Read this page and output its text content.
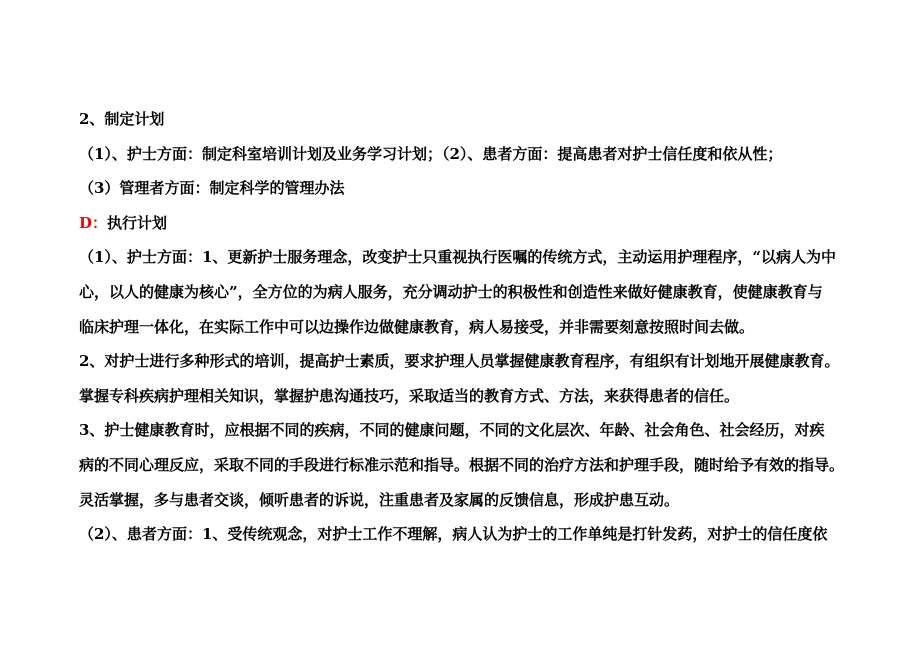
2、制定计划
（1）、护士方面：制定科室培训计划及业务学习计划；（2）、患者方面：提高患者对护士信任度和依从性；
（3）管理者方面：制定科学的管理办法
D：执行计划
（1）、护士方面：1、更新护士服务理念，改变护士只重视执行医嘱的传统方式，主动运用护理程序，“以病人为中
心，以人的健康为核心”，全方位的为病人服务，充分调动护士的积极性和创造性来做好健康教育，使健康教育与
临床护理一体化，在实际工作中可以边操作边做健康教育，病人易接受，并非需要刻意按照时间去做。
2、对护士进行多种形式的培训，提高护士素质，要求护理人员掌握健康教育程序，有组织有计划地开展健康教育。
掌握专科疾病护理相关知识，掌握护患沟通技巧，采取适当的教育方式、方法，来获得患者的信任。
3、护士健康教育时，应根据不同的疾病，不同的健康问题，不同的文化层次、年龄、社会角色、社会经历，对疾
病的不同心理反应，采取不同的手段进行标准示范和指导。根据不同的治疗方法和护理手段，随时给予有效的指导。
灵活掌握，多与患者交谈，倾听患者的诉说，注重患者及家属的反馈信息，形成护患互动。
（2）、患者方面：1、受传统观念，对护士工作不理解，病人认为护士的工作单纯是打针发药，对护士的信任度依
